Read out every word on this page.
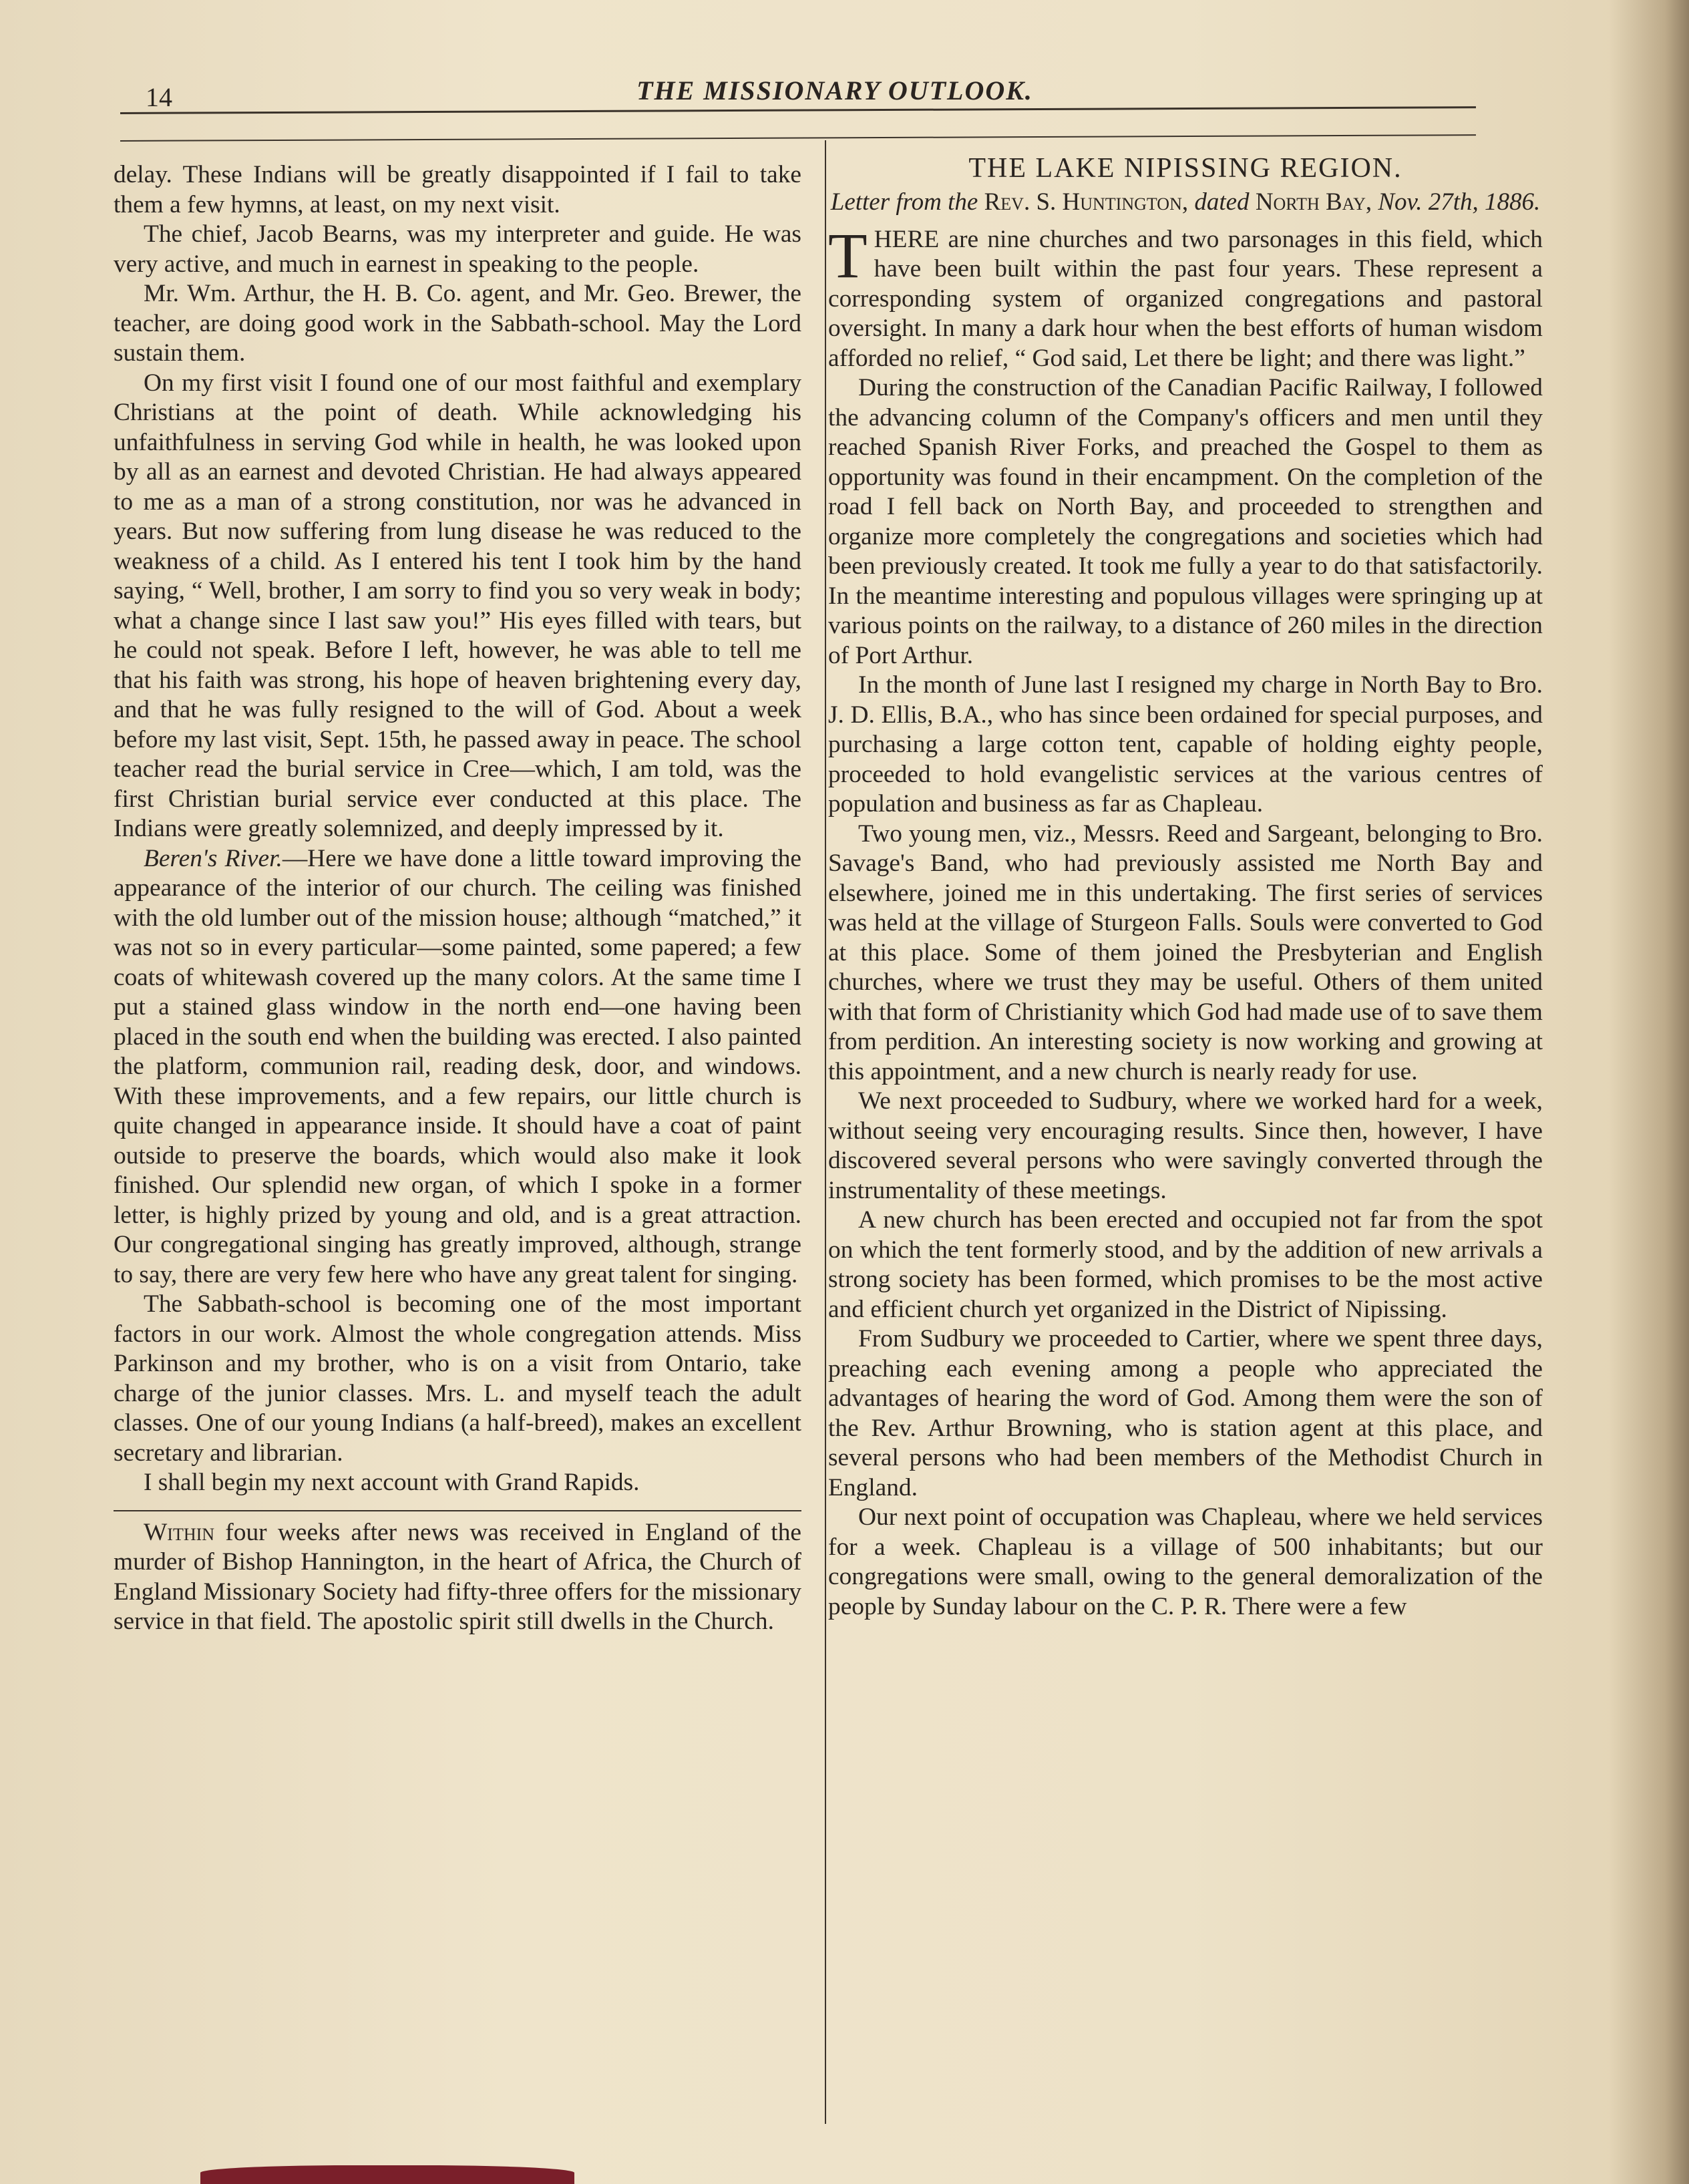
14	THE MISSIONARY OUTLOOK.

delay. These Indians will be greatly disappointed if I fail to take them a few hymns, at least, on my next visit.

The chief, Jacob Bearns, was my interpreter and guide. He was very active, and much in earnest in speaking to the people.

Mr. Wm. Arthur, the H. B. Co. agent, and Mr. Geo. Brewer, the teacher, are doing good work in the Sabbath-school. May the Lord sustain them.

On my first visit I found one of our most faithful and exemplary Christians at the point of death. While acknowledging his unfaithfulness in serving God while in health, he was looked upon by all as an earnest and devoted Christian. He had always appeared to me as a man of a strong constitution, nor was he advanced in years. But now suffering from lung disease he was reduced to the weakness of a child. As I entered his tent I took him by the hand saying, “ Well, brother, I am sorry to find you so very weak in body; what a change since I last saw you!” His eyes filled with tears, but he could not speak. Before I left, however, he was able to tell me that his faith was strong, his hope of heaven brightening every day, and that he was fully resigned to the will of God. About a week before my last visit, Sept. 15th, he passed away in peace. The school teacher read the burial service in Cree—which, I am told, was the first Christian burial service ever conducted at this place. The Indians were greatly solemnized, and deeply impressed by it.

Beren's River.—Here we have done a little toward improving the appearance of the interior of our church. The ceiling was finished with the old lumber out of the mission house; although “matched,” it was not so in every particular—some painted, some papered; a few coats of whitewash covered up the many colors. At the same time I put a stained glass window in the north end—one having been placed in the south end when the building was erected. I also painted the platform, communion rail, reading desk, door, and windows. With these improvements, and a few repairs, our little church is quite changed in appearance inside. It should have a coat of paint outside to preserve the boards, which would also make it look finished. Our splendid new organ, of which I spoke in a former letter, is highly prized by young and old, and is a great attraction. Our congregational singing has greatly improved, although, strange to say, there are very few here who have any great talent for singing.

The Sabbath-school is becoming one of the most important factors in our work. Almost the whole congregation attends. Miss Parkinson and my brother, who is on a visit from Ontario, take charge of the junior classes. Mrs. L. and myself teach the adult classes. One of our young Indians (a half-breed), makes an excellent secretary and librarian.

I shall begin my next account with Grand Rapids.

Within four weeks after news was received in England of the murder of Bishop Hannington, in the heart of Africa, the Church of England Missionary Society had fifty-three offers for the missionary service in that field. The apostolic spirit still dwells in the Church.

THE LAKE NIPISSING REGION.
Letter from the Rev. S. Huntington, dated North Bay, Nov. 27th, 1886.

THERE are nine churches and two parsonages in this field, which have been built within the past four years. These represent a corresponding system of organized congregations and pastoral oversight. In many a dark hour when the best efforts of human wisdom afforded no relief, “ God said, Let there be light; and there was light.”

During the construction of the Canadian Pacific Railway, I followed the advancing column of the Company's officers and men until they reached Spanish River Forks, and preached the Gospel to them as opportunity was found in their encampment. On the completion of the road I fell back on North Bay, and proceeded to strengthen and organize more completely the congregations and societies which had been previously created. It took me fully a year to do that satisfactorily. In the meantime interesting and populous villages were springing up at various points on the railway, to a distance of 260 miles in the direction of Port Arthur.

In the month of June last I resigned my charge in North Bay to Bro. J. D. Ellis, B.A., who has since been ordained for special purposes, and purchasing a large cotton tent, capable of holding eighty people, proceeded to hold evangelistic services at the various centres of population and business as far as Chapleau.

Two young men, viz., Messrs. Reed and Sargeant, belonging to Bro. Savage's Band, who had previously assisted me North Bay and elsewhere, joined me in this undertaking. The first series of services was held at the village of Sturgeon Falls. Souls were converted to God at this place. Some of them joined the Presbyterian and English churches, where we trust they may be useful. Others of them united with that form of Christianity which God had made use of to save them from perdition. An interesting society is now working and growing at this appointment, and a new church is nearly ready for use.

We next proceeded to Sudbury, where we worked hard for a week, without seeing very encouraging results. Since then, however, I have discovered several persons who were savingly converted through the instrumentality of these meetings.

A new church has been erected and occupied not far from the spot on which the tent formerly stood, and by the addition of new arrivals a strong society has been formed, which promises to be the most active and efficient church yet organized in the District of Nipissing.

From Sudbury we proceeded to Cartier, where we spent three days, preaching each evening among a people who appreciated the advantages of hearing the word of God. Among them were the son of the Rev. Arthur Browning, who is station agent at this place, and several persons who had been members of the Methodist Church in England.

Our next point of occupation was Chapleau, where we held services for a week. Chapleau is a village of 500 inhabitants; but our congregations were small, owing to the general demoralization of the people by Sunday labour on the C. P. R. There were a few
